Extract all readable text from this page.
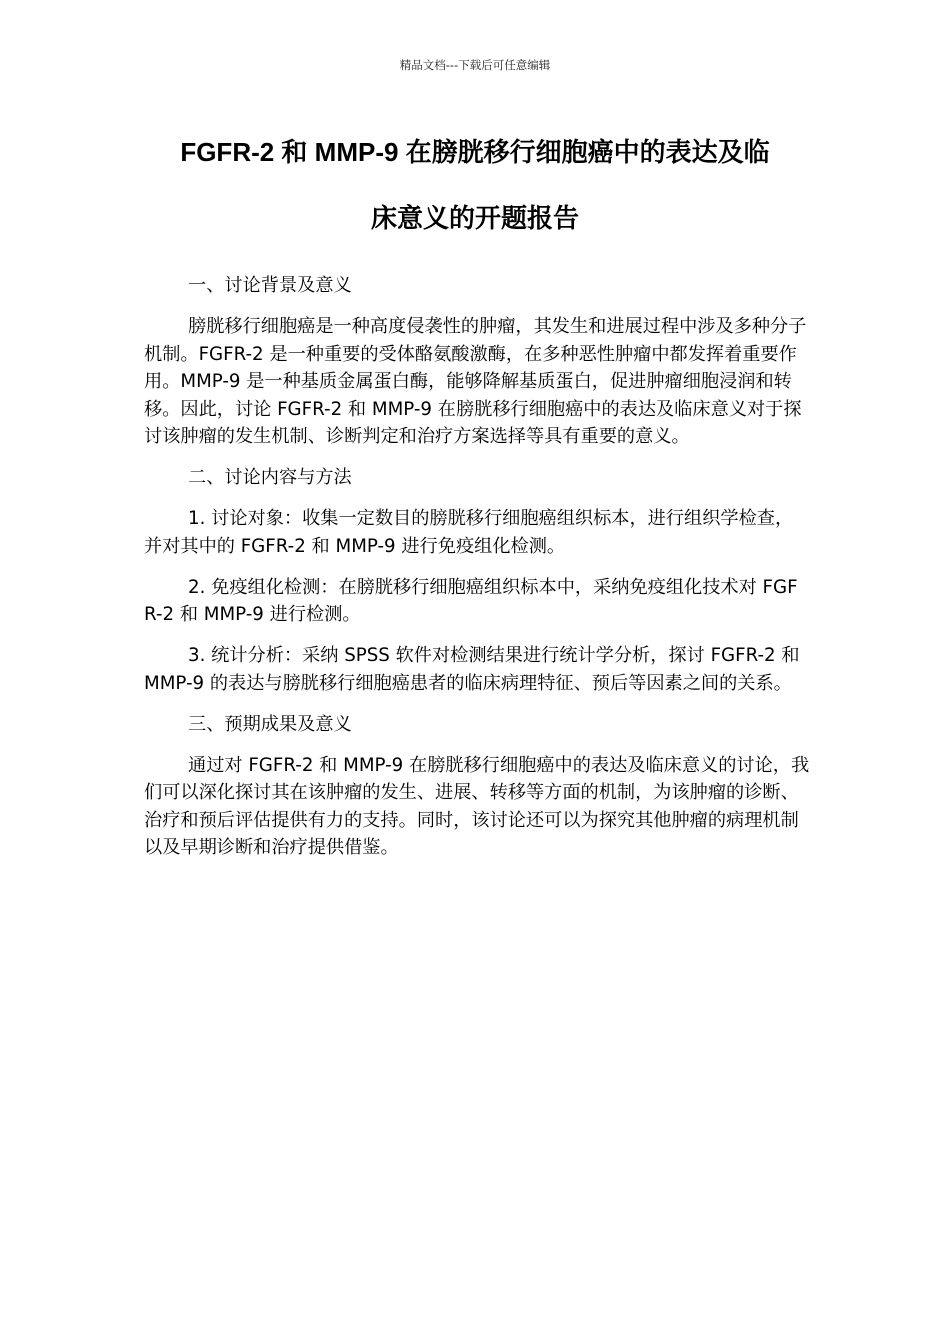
精品文档---下载后可任意编辑
FGFR-2 和 MMP-9 在膀胱移行细胞癌中的表达及临
床意义的开题报告

一、讨论背景及意义

膀胱移行细胞癌是一种高度侵袭性的肿瘤，其发生和进展过程中涉及多种分子机制。FGFR-2 是一种重要的受体酪氨酸激酶，在多种恶性肿瘤中都发挥着重要作用。MMP-9 是一种基质金属蛋白酶，能够降解基质蛋白，促进肿瘤细胞浸润和转移。因此，讨论 FGFR-2 和 MMP-9 在膀胱移行细胞癌中的表达及临床意义对于探讨该肿瘤的发生机制、诊断判定和治疗方案选择等具有重要的意义。

二、讨论内容与方法

1. 讨论对象：收集一定数目的膀胱移行细胞癌组织标本，进行组织学检查，并对其中的 FGFR-2 和 MMP-9 进行免疫组化检测。

2. 免疫组化检测：在膀胱移行细胞癌组织标本中，采纳免疫组化技术对 FGFR-2 和 MMP-9 进行检测。

3. 统计分析：采纳 SPSS 软件对检测结果进行统计学分析，探讨 FGFR-2 和 MMP-9 的表达与膀胱移行细胞癌患者的临床病理特征、预后等因素之间的关系。

三、预期成果及意义

通过对 FGFR-2 和 MMP-9 在膀胱移行细胞癌中的表达及临床意义的讨论，我们可以深化探讨其在该肿瘤的发生、进展、转移等方面的机制，为该肿瘤的诊断、治疗和预后评估提供有力的支持。同时，该讨论还可以为探究其他肿瘤的病理机制以及早期诊断和治疗提供借鉴。
